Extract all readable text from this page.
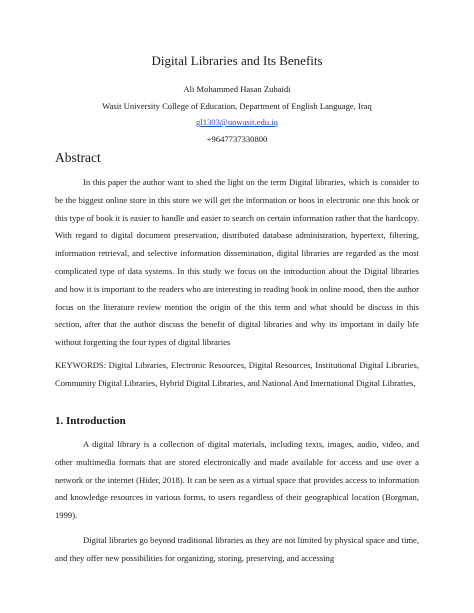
Digital Libraries and Its Benefits
Ali Mohammed Hasan Zubaidi
Wasit University College of Education, Department of English Language, Iraq
gl1303@uowasit.edu.iq
+9647737330800
Abstract

In this paper the author want to shed the light on the term Digital libraries, which is consider to be the biggest online store in this store we will get the information or boos in electronic one this book or this type of book it is easier to handle and easier to search on certain information rather that the hardcopy. With regard to digital document preservation, distributed database administration, hypertext, filtering, information retrieval, and selective information dissemination, digital libraries are regarded as the most complicated type of data systems. In this study we focus on the introduction about the Digital libraries and how it is important to the readers who are interesting in reading book in online mood, then the author focus on the literature review mention the origin of the this term and what should be discuss in this section, after that the author discuss the benefit of digital libraries and why its important in daily life without forgetting the four types of digital libraries

KEYWORDS: Digital Libraries, Electronic Resources, Digital Resources, Institutional Digital Libraries, Community Digital Libraries, Hybrid Digital Libraries, and National And International Digital Libraries,

1. Introduction

A digital library is a collection of digital materials, including texts, images, audio, video, and other multimedia formats that are stored electronically and made available for access and use over a network or the internet (Hider, 2018). It can be seen as a virtual space that provides access to information and knowledge resources in various forms, to users regardless of their geographical location (Borgman, 1999).

Digital libraries go beyond traditional libraries as they are not limited by physical space and time, and they offer new possibilities for organizing, storing, preserving, and accessing
